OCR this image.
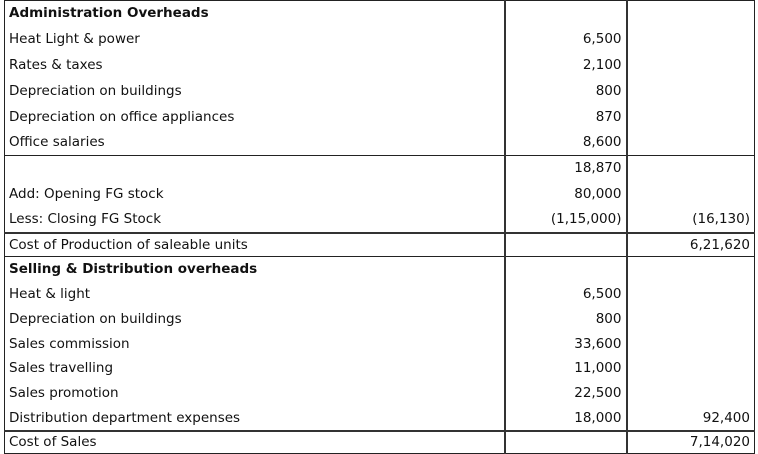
Administration Overheads		
Heat Light & power	6,500	
Rates & taxes	2,100	
Depreciation on buildings	800	
Depreciation on office appliances	870	
Office salaries	8,600	
	18,870	
Add: Opening FG stock	80,000	
Less: Closing FG Stock	(1,15,000)	(16,130)
Cost of Production of saleable units		6,21,620
Selling & Distribution overheads		
Heat & light	6,500	
Depreciation on buildings	800	
Sales commission	33,600	
Sales travelling	11,000	
Sales promotion	22,500	
Distribution department expenses	18,000	92,400
Cost of Sales		7,14,020
